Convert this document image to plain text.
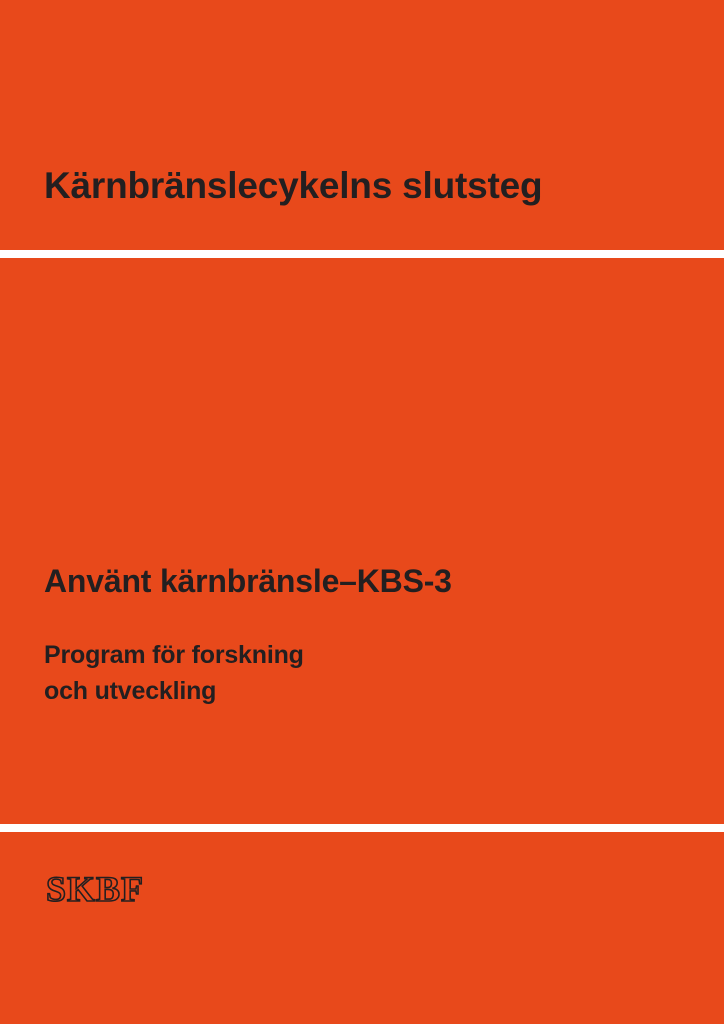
Kärnbränslecykelns slutsteg
Använt kärnbränsle–KBS-3
Program för forskning
och utveckling
SKBF
